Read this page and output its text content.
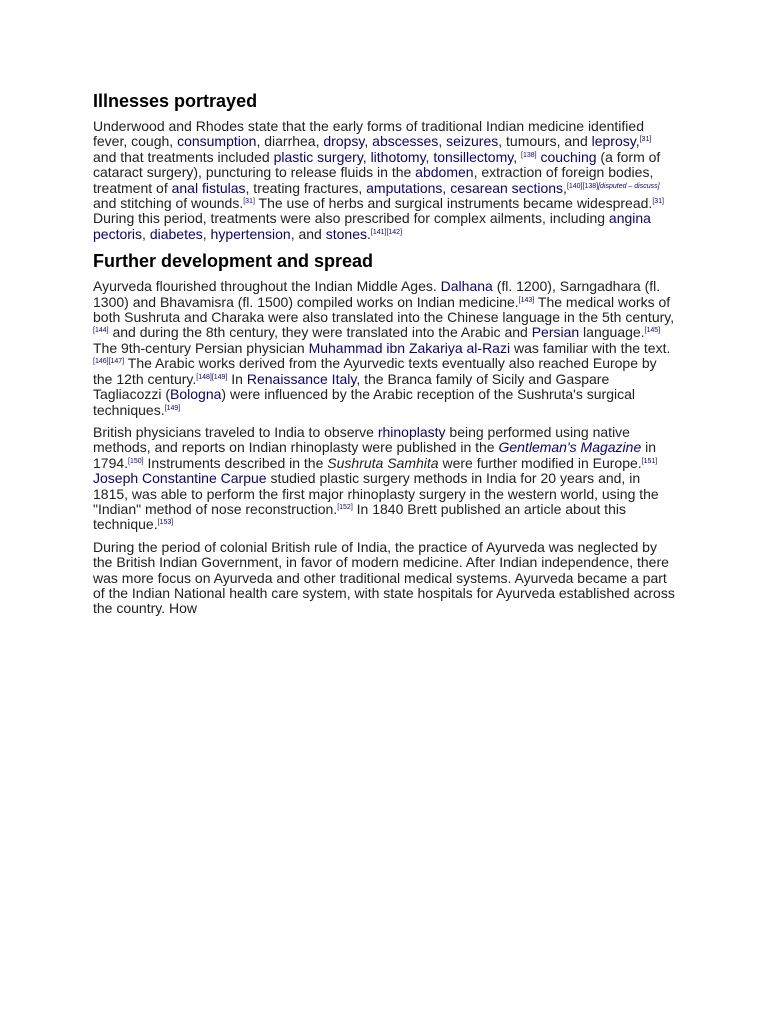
Illnesses portrayed

Underwood and Rhodes state that the early forms of traditional Indian medicine identified fever, cough, consumption, diarrhea, dropsy, abscesses, seizures, tumours, and leprosy,[31] and that treatments included plastic surgery, lithotomy, tonsillectomy, [138] couching (a form of cataract surgery), puncturing to release fluids in the abdomen, extraction of foreign bodies, treatment of anal fistulas, treating fractures, amputations, cesarean sections,[140][138][disputed – discuss] and stitching of wounds.[31] The use of herbs and surgical instruments became widespread.[31] During this period, treatments were also prescribed for complex ailments, including angina pectoris, diabetes, hypertension, and stones.[141][142]

Further development and spread

Ayurveda flourished throughout the Indian Middle Ages. Dalhana (fl. 1200), Sarngadhara (fl. 1300) and Bhavamisra (fl. 1500) compiled works on Indian medicine.[143] The medical works of both Sushruta and Charaka were also translated into the Chinese language in the 5th century,[144] and during the 8th century, they were translated into the Arabic and Persian language.[145] The 9th-century Persian physician Muhammad ibn Zakariya al-Razi was familiar with the text.[146][147] The Arabic works derived from the Ayurvedic texts eventually also reached Europe by the 12th century.[148][149] In Renaissance Italy, the Branca family of Sicily and Gaspare Tagliacozzi (Bologna) were influenced by the Arabic reception of the Sushruta's surgical techniques.[149]

British physicians traveled to India to observe rhinoplasty being performed using native methods, and reports on Indian rhinoplasty were published in the Gentleman's Magazine in 1794.[150] Instruments described in the Sushruta Samhita were further modified in Europe.[151] Joseph Constantine Carpue studied plastic surgery methods in India for 20 years and, in 1815, was able to perform the first major rhinoplasty surgery in the western world, using the "Indian" method of nose reconstruction.[152] In 1840 Brett published an article about this technique.[153]

During the period of colonial British rule of India, the practice of Ayurveda was neglected by the British Indian Government, in favor of modern medicine. After Indian independence, there was more focus on Ayurveda and other traditional medical systems. Ayurveda became a part of the Indian National health care system, with state hospitals for Ayurveda established across the country. How
